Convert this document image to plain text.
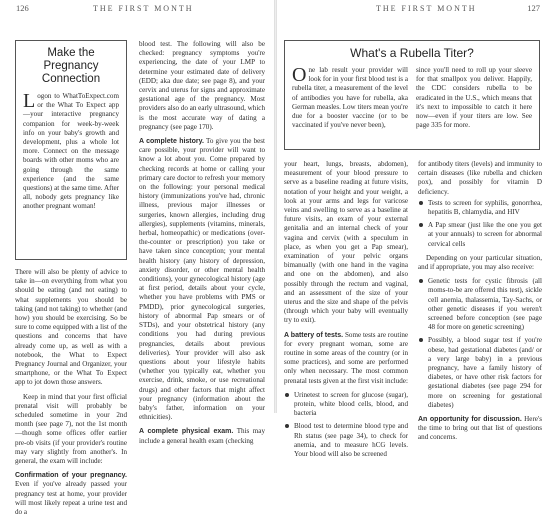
126	THE FIRST MONTH
Make the Pregnancy Connection

Logon to WhatToExpect.com or the What To Expect app—your interactive pregnancy companion for week-by-week info on your baby's growth and development, plus a whole lot more. Connect on the message boards with other moms who are going through the same experience (and the same questions) at the same time. After all, nobody gets pregnancy like another pregnant woman!

There will also be plenty of advice to take in—on everything from what you should be eating (and not eating) to what supplements you should be taking (and not taking) to whether (and how) you should be exercising. So be sure to come equipped with a list of the questions and concerns that have already come up, as well as with a notebook, the What to Expect Pregnancy Journal and Organizer, your smartphone, or the What To Expect app to jot down those answers.

Keep in mind that your first official prenatal visit will probably be scheduled sometime in your 2nd month (see page 7), not the 1st month—though some offices offer earlier pre-ob visits (if your provider's routine may vary slightly from another's. In general, the exam will include:

Confirmation of your pregnancy. Even if you've already passed your pregnancy test at home, your provider will most likely repeat a urine test and do a

blood test. The following will also be checked: pregnancy symptoms you're experiencing, the date of your LMP to determine your estimated date of delivery (EDD; aka due date; see page 8), and your cervix and uterus for signs and approximate gestational age of the pregnancy. Most providers also do an early ultrasound, which is the most accurate way of dating a pregnancy (see page 170).

A complete history. To give you the best care possible, your provider will want to know a lot about you. Come prepared by checking records at home or calling your primary care doctor to refresh your memory on the following: your personal medical history (immunizations you've had, chronic illness, previous major illnesses or surgeries, known allergies, including drug allergies), supplements (vitamins, minerals, herbal, homeopathic) or medications (over-the-counter or prescription) you take or have taken since conception; your mental health history (any history of depression, anxiety disorder, or other mental health conditions), your gynecological history (age at first period, details about your cycle, whether you have problems with PMS or PMDD), prior gynecological surgeries, history of abnormal Pap smears or of STDs), and your obstetrical history (any conditions you had during previous pregnancies, details about previous deliveries). Your provider will also ask questions about your lifestyle habits (whether you typically eat, whether you exercise, drink, smoke, or use recreational drugs) and other factors that might affect your pregnancy (information about the baby's father, information on your ethnicities).

A complete physical exam. This may include a general health exam (checking

THE FIRST MONTH	127
What's a Rubella Titer?

One lab result your provider will look for in your first blood test is a rubella titer, a measurement of the level of antibodies you have for rubella, aka German measles. Low titers mean you're due for a booster vaccine (or to be vaccinated if you've never been),

since you'll need to roll up your sleeve for that smallpox you deliver. Happily, the CDC considers rubella to be eradicated in the U.S., which means that it's next to impossible to catch it here now—even if your titers are low. See page 335 for more.

your heart, lungs, breasts, abdomen), measurement of your blood pressure to serve as a baseline reading at future visits, notation of your height and your weight, a look at your arms and legs for varicose veins and swelling to serve as a baseline at future visits, an exam of your external genitalia and an internal check of your vagina and cervix (with a speculum in place, as when you get a Pap smear), examination of your pelvic organs bimanually (with one hand in the vagina and one on the abdomen), and also possibly through the rectum and vaginal, and an assessment of the size of your uterus and the size and shape of the pelvis (through which your baby will eventually try to exit).

A battery of tests. Some tests are routine for every pregnant woman, some are routine in some areas of the country (or in some practices), and some are performed only when necessary. The most common prenatal tests given at the first visit include:

Urinetest to screen for glucose (sugar), protein, white blood cells, blood, and bacteria
Blood test to determine blood type and Rh status (see page 34), to check for anemia, and to measure hCG levels. Your blood will also be screened

for antibody titers (levels) and immunity to certain diseases (like rubella and chicken pox), and possibly for vitamin D deficiency.

Tests to screen for syphilis, gonorrhea, hepatitis B, chlamydia, and HIV
A Pap smear (just like the one you get at your annuals) to screen for abnormal cervical cells

Depending on your particular situation, and if appropriate, you may also receive:

Genetic tests for cystic fibrosis (all moms-to-be are offered this test), sickle cell anemia, thalassemia, Tay-Sachs, or other genetic diseases if you weren't screened before conception (see page 48 for more on genetic screening)
Possibly, a blood sugar test if you're obese, had gestational diabetes (and/ or a very large baby) in a previous pregnancy, have a family history of diabetes, or have other risk factors for gestational diabetes (see page 294 for more on screening for gestational diabetes)

An opportunity for discussion. Here's the time to bring out that list of questions and concerns.
